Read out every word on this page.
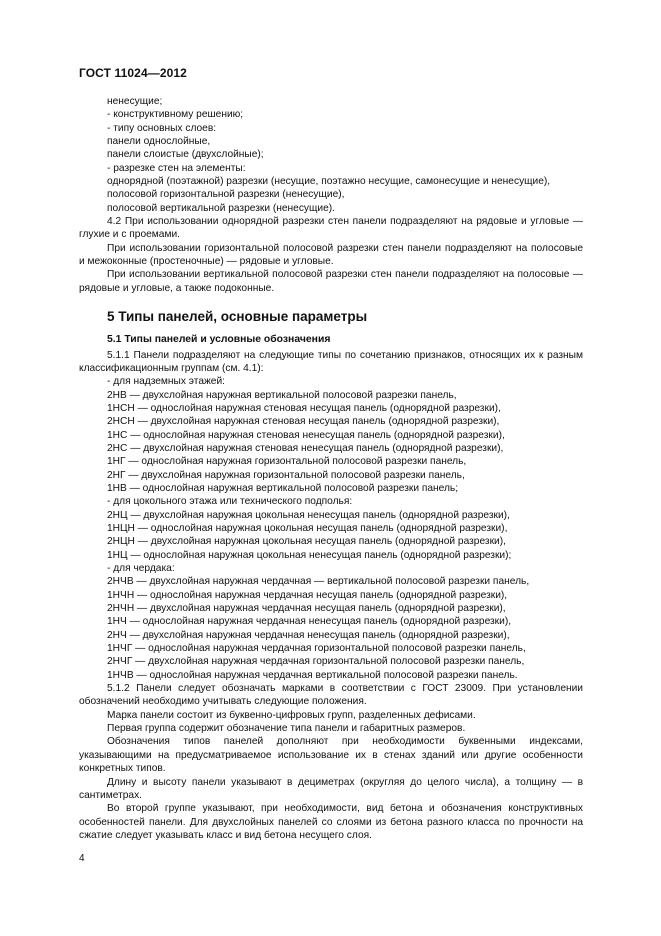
ГОСТ 11024—2012

ненесущие;

- конструктивному решению;

- типу основных слоев:

панели однослойные,

панели слоистые (двухслойные);

- разрезке стен на элементы:

однорядной (поэтажной) разрезки (несущие, поэтажно несущие, самонесущие и ненесущие),

полосовой горизонтальной разрезки (ненесущие),

полосовой вертикальной разрезки (ненесущие).

4.2 При использовании однорядной разрезки стен панели подразделяют на рядовые и угловые — глухие и с проемами.

При использовании горизонтальной полосовой разрезки стен панели подразделяют на полосовые и межоконные (простеночные) — рядовые и угловые.

При использовании вертикальной полосовой разрезки стен панели подразделяют на полосовые — рядовые и угловые, а также подоконные.

5 Типы панелей, основные параметры
5.1 Типы панелей и условные обозначения

5.1.1 Панели подразделяют на следующие типы по сочетанию признаков, относящих их к разным классификационным группам (см. 4.1):

- для надземных этажей:

2НВ — двухслойная наружная вертикальной полосовой разрезки панель,

1НСН — однослойная наружная стеновая несущая панель (однорядной разрезки),

2НСН — двухслойная наружная стеновая несущая панель (однорядной разрезки),

1НС — однослойная наружная стеновая ненесущая панель (однорядной разрезки),

2НС — двухслойная наружная стеновая ненесущая панель (однорядной разрезки),

1НГ — однослойная наружная горизонтальной полосовой разрезки панель,

2НГ — двухслойная наружная горизонтальной полосовой разрезки панель,

1НВ — однослойная наружная вертикальной полосовой разрезки панель;

- для цокольного этажа или технического подполья:

2НЦ — двухслойная наружная цокольная ненесущая панель (однорядной разрезки),

1НЦН — однослойная наружная цокольная несущая панель (однорядной разрезки),

2НЦН — двухслойная наружная цокольная несущая панель (однорядной разрезки),

1НЦ — однослойная наружная цокольная ненесущая панель (однорядной разрезки);

- для чердака:

2НЧВ — двухслойная наружная чердачная — вертикальной полосовой разрезки панель,

1НЧН — однослойная наружная чердачная несущая панель (однорядной разрезки),

2НЧН — двухслойная наружная чердачная несущая панель (однорядной разрезки),

1НЧ — однослойная наружная чердачная ненесущая панель (однорядной разрезки),

2НЧ — двухслойная наружная чердачная ненесущая панель (однорядной разрезки),

1НЧГ — однослойная наружная чердачная горизонтальной полосовой разрезки панель,

2НЧГ — двухслойная наружная чердачная горизонтальной полосовой разрезки панель,

1НЧВ — однослойная наружная чердачная вертикальной полосовой разрезки панель.

5.1.2 Панели следует обозначать марками в соответствии с ГОСТ 23009. При установлении обозначений необходимо учитывать следующие положения.

Марка панели состоит из буквенно-цифровых групп, разделенных дефисами.

Первая группа содержит обозначение типа панели и габаритных размеров.

Обозначения типов панелей дополняют при необходимости буквенными индексами, указывающими на предусматриваемое использование их в стенах зданий или другие особенности конкретных типов.

Длину и высоту панели указывают в дециметрах (округляя до целого числа), а толщину — в сантиметрах.

Во второй группе указывают, при необходимости, вид бетона и обозначения конструктивных особенностей панели. Для двухслойных панелей со слоями из бетона разного класса по прочности на сжатие следует указывать класс и вид бетона несущего слоя.

4
